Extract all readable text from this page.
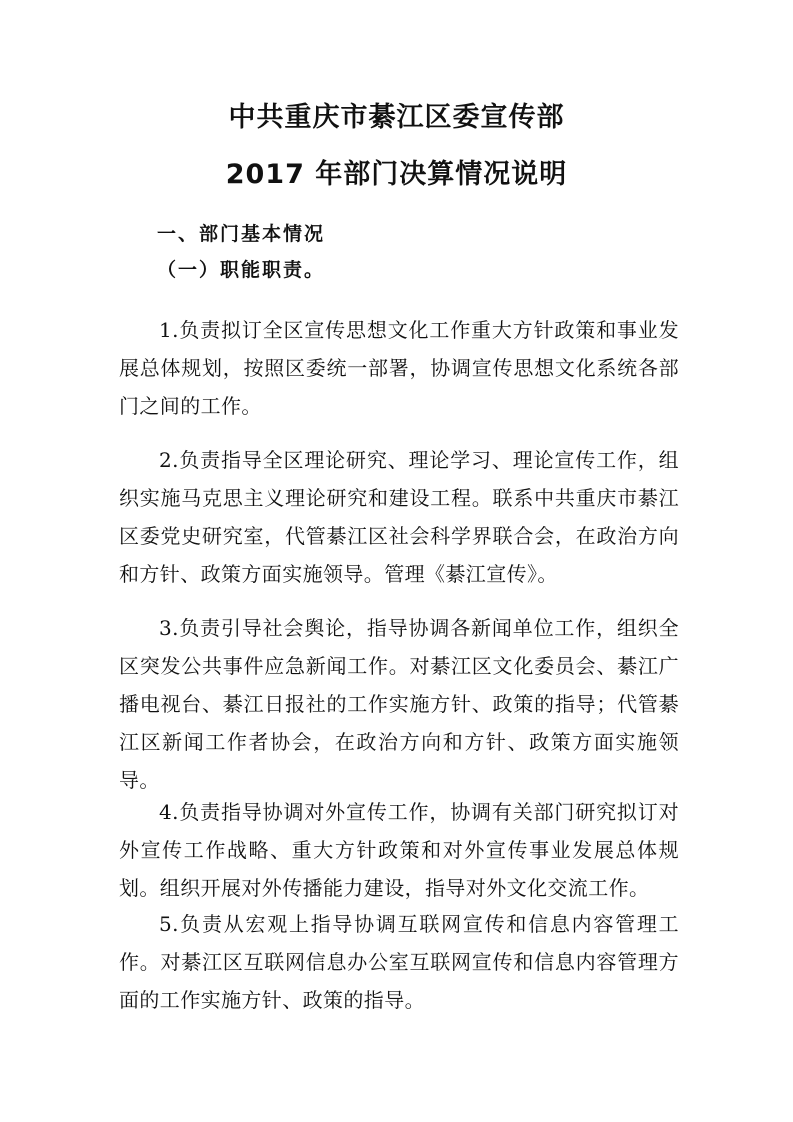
中共重庆市綦江区委宣传部
2017 年部门决算情况说明
一、部门基本情况
（一）职能职责。

1.负责拟订全区宣传思想文化工作重大方针政策和事业发展总体规划，按照区委统一部署，协调宣传思想文化系统各部门之间的工作。

2.负责指导全区理论研究、理论学习、理论宣传工作，组织实施马克思主义理论研究和建设工程。联系中共重庆市綦江区委党史研究室，代管綦江区社会科学界联合会，在政治方向和方针、政策方面实施领导。管理《綦江宣传》。

3.负责引导社会舆论，指导协调各新闻单位工作，组织全区突发公共事件应急新闻工作。对綦江区文化委员会、綦江广播电视台、綦江日报社的工作实施方针、政策的指导；代管綦江区新闻工作者协会，在政治方向和方针、政策方面实施领导。

4.负责指导协调对外宣传工作，协调有关部门研究拟订对外宣传工作战略、重大方针政策和对外宣传事业发展总体规划。组织开展对外传播能力建设，指导对外文化交流工作。

5.负责从宏观上指导协调互联网宣传和信息内容管理工作。对綦江区互联网信息办公室互联网宣传和信息内容管理方面的工作实施方针、政策的指导。
